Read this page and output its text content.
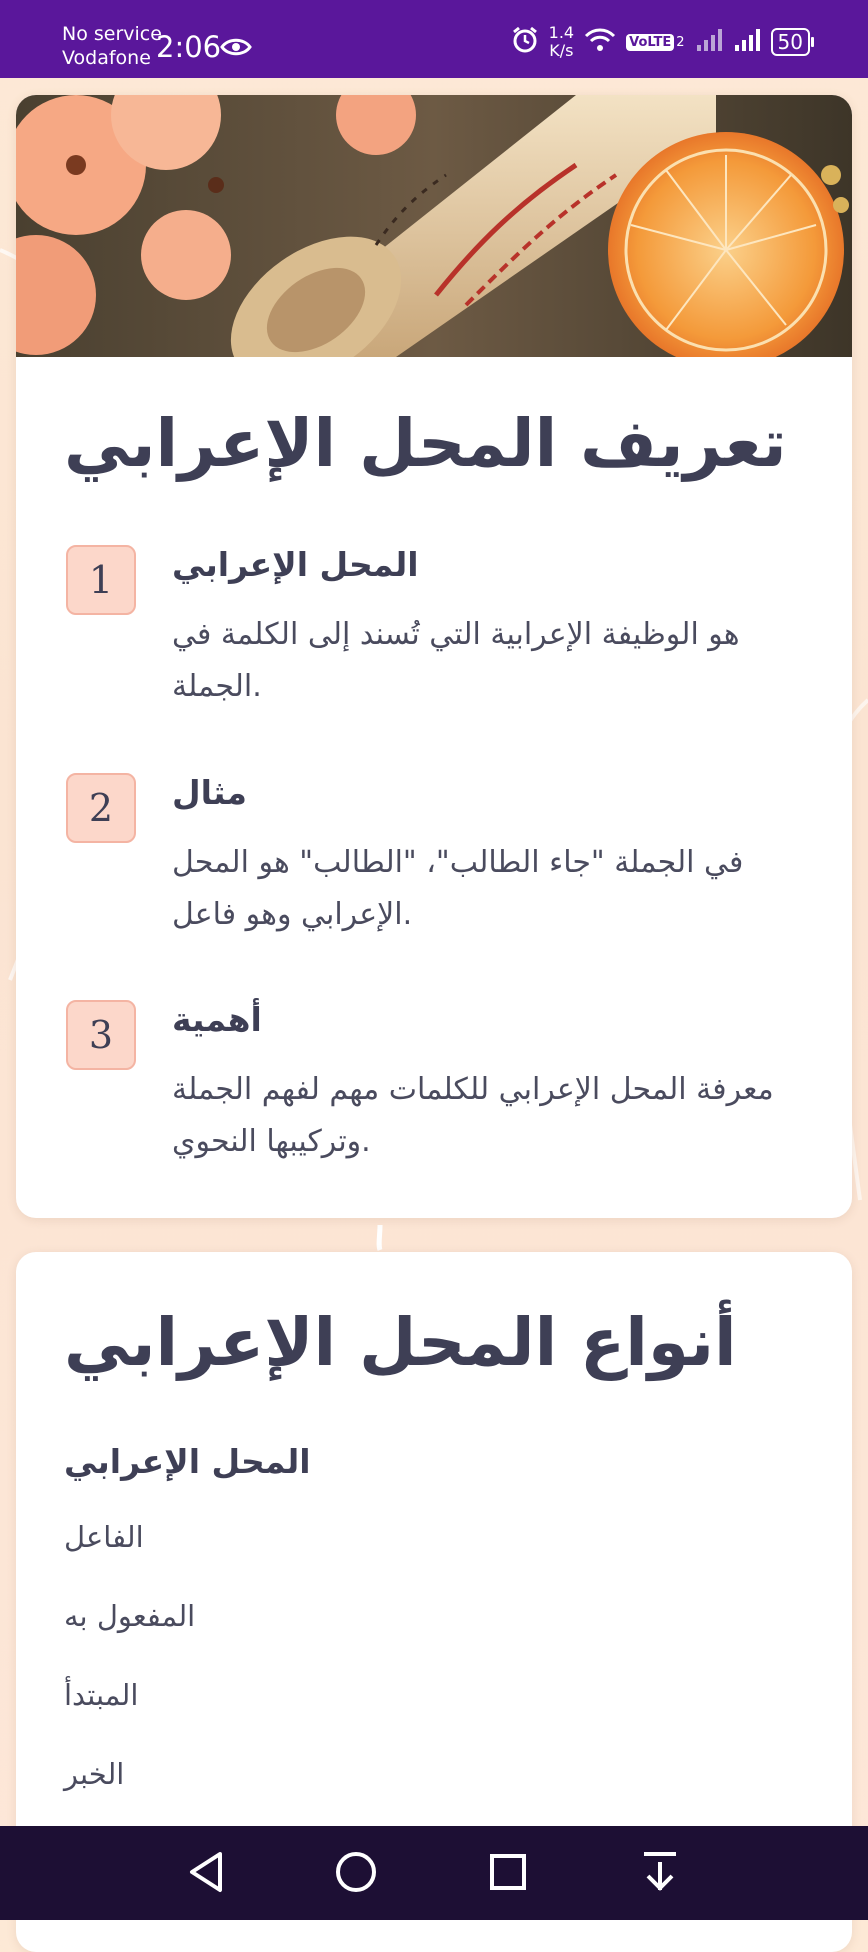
No service
Vodafone 2:06	1.4
K/s	VoLTE 2	50
تعريف المحل الإعرابي
1	المحل الإعرابي
هو الوظيفة الإعرابية التي تُسند إلى الكلمة في الجملة.
2	مثال
في الجملة "جاء الطالب"، "الطالب" هو المحل الإعرابي وهو فاعل.
3	أهمية
معرفة المحل الإعرابي للكلمات مهم لفهم الجملة وتركيبها النحوي.
أنواع المحل الإعرابي
المحل الإعرابي
الفاعل
المفعول به
المبتدأ
الخبر
